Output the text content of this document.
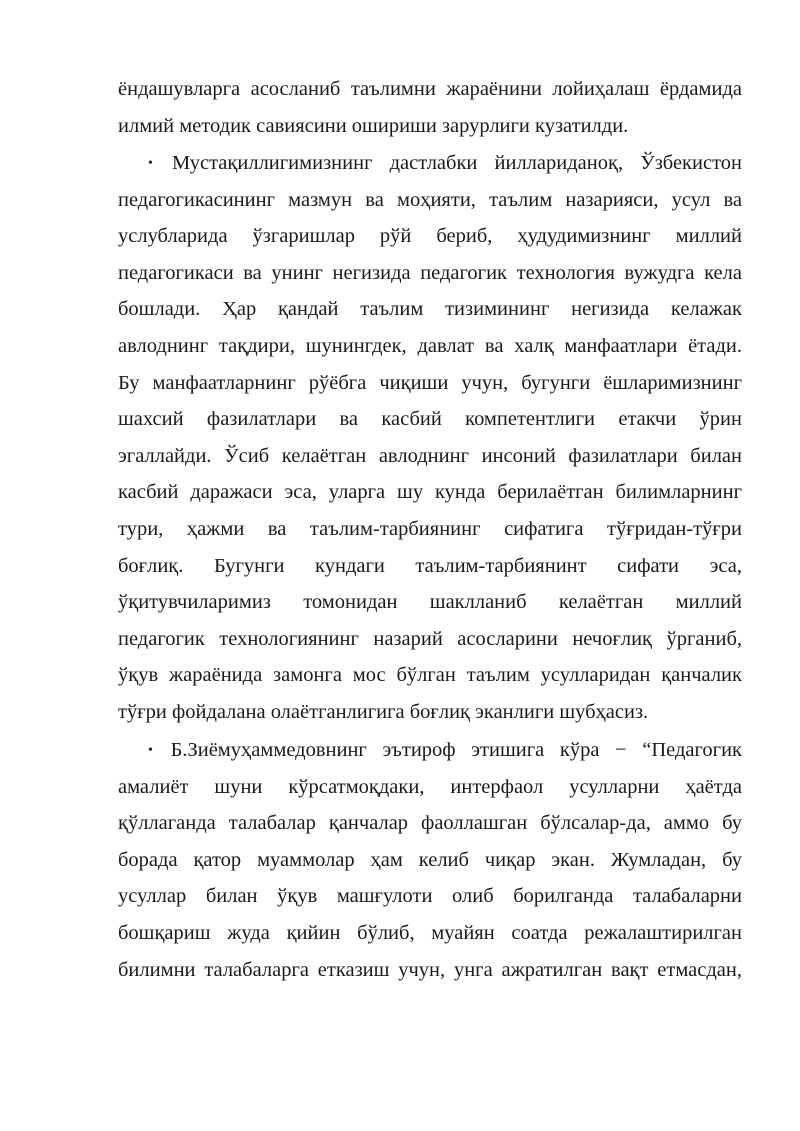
ёндашувларга асосланиб таълимни жараёнини лойиҳалаш ёрдамида
илмий методик савиясини ошириши зарурлиги кузатилди.
• Мустақиллигимизнинг дастлабки йиллариданоқ, Ўзбекистон
педагогикасининг мазмун ва моҳияти, таълим назарияси, усул ва
услубларида ўзгаришлар рўй бериб, ҳудудимизнинг миллий
педагогикаси ва унинг негизида педагогик технология вужудга кела
бошлади. Ҳар қандай таълим тизимининг негизида келажак
авлоднинг тақдири, шунингдек, давлат ва халқ манфаатлари ётади.
Бу манфаатларнинг рўёбга чиқиши учун, бугунги ёшларимизнинг
шахсий фазилатлари ва касбий компетентлиги етакчи ўрин
эгаллайди. Ўсиб келаётган авлоднинг инсоний фазилатлари билан
касбий даражаси эса, уларга шу кунда берилаётган билимларнинг
тури, ҳажми ва таълим-тарбиянинг сифатига тўғридан-тўғри
боғлиқ. Бугунги кундаги таълим-тарбиянинт сифати эса,
ўқитувчиларимиз томонидан шаклланиб келаётган миллий
педагогик технологиянинг назарий асосларини нечоғлиқ ўрганиб,
ўқув жараёнида замонга мос бўлган таълим усулларидан қанчалик
тўғри фойдалана олаётганлигига боғлиқ эканлиги шубҳасиз.
• Б.Зиёмуҳаммедовнинг эътироф этишига кўра − “Педагогик
амалиёт шуни кўрсатмоқдаки, интерфаол усулларни ҳаётда
қўллаганда талабалар қанчалар фаоллашган бўлсалар-да, аммо бу
борада қатор муаммолар ҳам келиб чиқар экан. Жумладан, бу
усуллар билан ўқув машғулоти олиб борилганда талабаларни
бошқариш жуда қийин бўлиб, муайян соатда режалаштирилган
билимни талабаларга етказиш учун, унга ажратилган вақт етмасдан,
